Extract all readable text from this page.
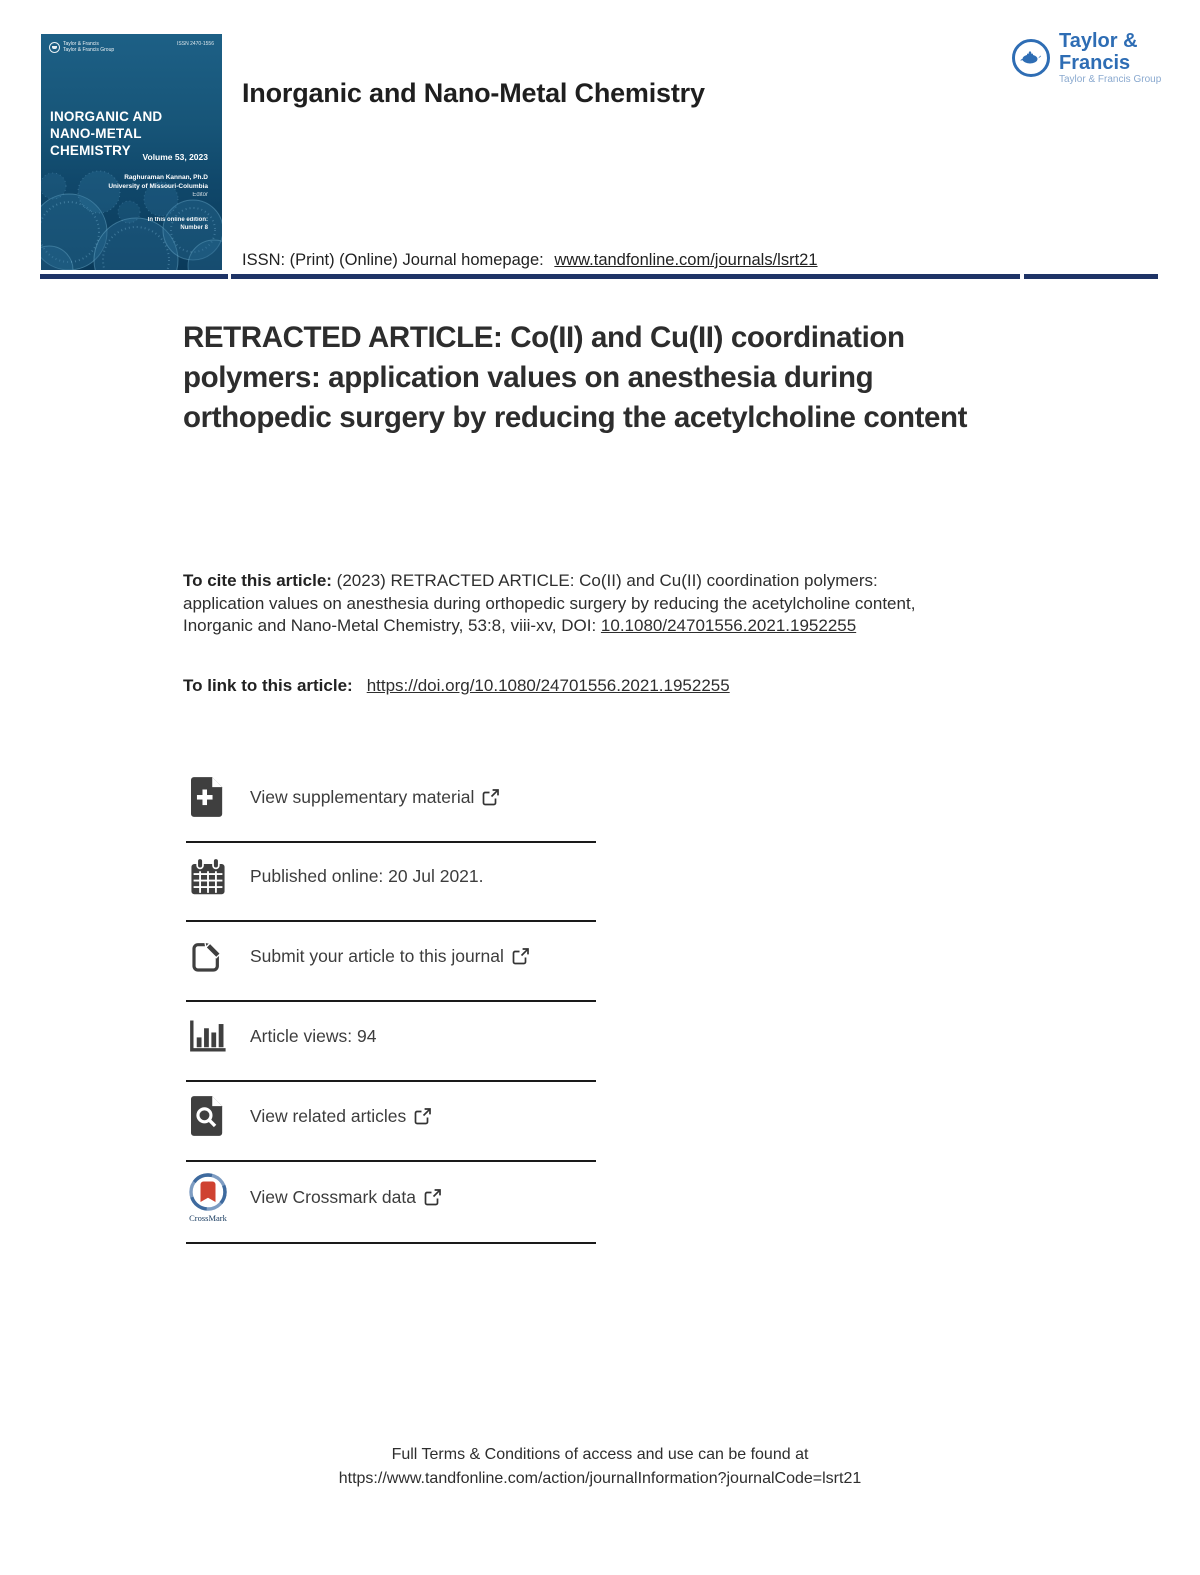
Taylor & Francis
Taylor & Francis Group
ISSN 2470-1556
INORGANIC AND
NANO-METAL CHEMISTRY	Volume 53, 2023
Raghuraman Kannan, Ph.D
University of Missouri-Columbia
Editor
In this online edition:
Number 8
Taylor & Francis
Taylor & Francis Group
Inorganic and Nano-Metal Chemistry
ISSN: (Print) (Online) Journal homepage: www.tandfonline.com/journals/lsrt21
RETRACTED ARTICLE: Co(II) and Cu(II) coordination polymers: application values on anesthesia during orthopedic surgery by reducing the acetylcholine content

To cite this article: (2023) RETRACTED ARTICLE: Co(II) and Cu(II) coordination polymers: application values on anesthesia during orthopedic surgery by reducing the acetylcholine content, Inorganic and Nano-Metal Chemistry, 53:8, viii-xv, DOI: 10.1080/24701556.2021.1952255

To link to this article: https://doi.org/10.1080/24701556.2021.1952255

View supplementary material
Published online: 20 Jul 2021.
Submit your article to this journal
Article views: 94
View related articles
CrossMark
View Crossmark data
Full Terms & Conditions of access and use can be found at
https://www.tandfonline.com/action/journalInformation?journalCode=lsrt21
